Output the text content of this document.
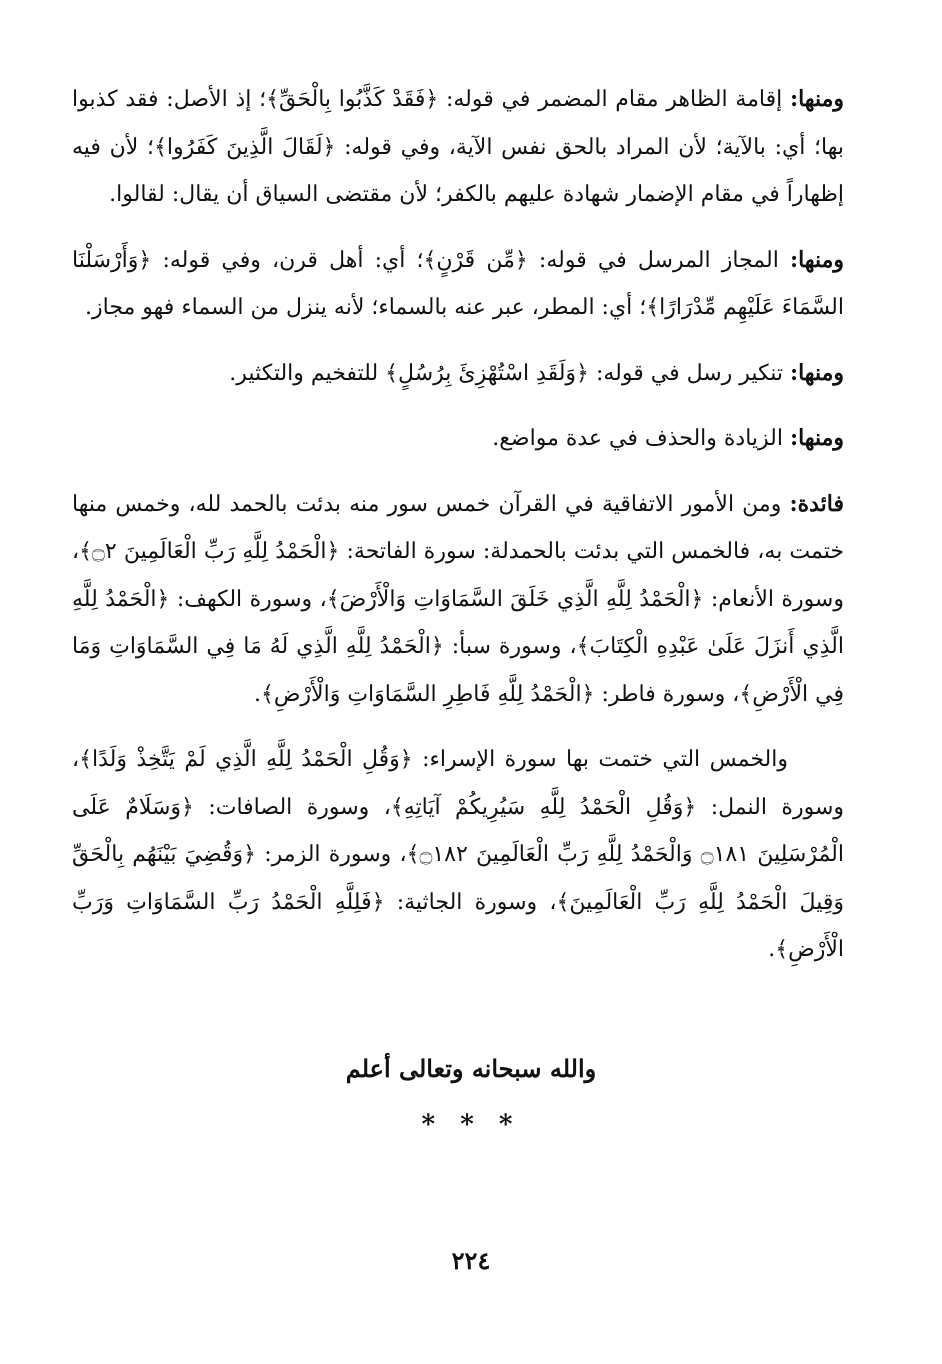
ومنها: إقامة الظاهر مقام المضمر في قوله: ﴿فَقَدْ كَذَّبُوا بِالْحَقِّ﴾؛ إذ الأصل: فقد كذبوا بها؛ أي: بالآية؛ لأن المراد بالحق نفس الآية، وفي قوله: ﴿لَقَالَ الَّذِينَ كَفَرُوا﴾؛ لأن فيه إظهاراً في مقام الإضمار شهادة عليهم بالكفر؛ لأن مقتضى السياق أن يقال: لقالوا.

ومنها: المجاز المرسل في قوله: ﴿مِّن قَرْنٍ﴾؛ أي: أهل قرن، وفي قوله: ﴿وَأَرْسَلْنَا السَّمَاءَ عَلَيْهِم مِّدْرَارًا﴾؛ أي: المطر، عبر عنه بالسماء؛ لأنه ينزل من السماء فهو مجاز.

ومنها: تنكير رسل في قوله: ﴿وَلَقَدِ اسْتُهْزِئَ بِرُسُلٍ﴾ للتفخيم والتكثير.

ومنها: الزيادة والحذف في عدة مواضع.

فائدة: ومن الأمور الاتفاقية في القرآن خمس سور منه بدئت بالحمد لله، وخمس منها ختمت به، فالخمس التي بدئت بالحمدلة: سورة الفاتحة: ﴿الْحَمْدُ لِلَّهِ رَبِّ الْعَالَمِينَ ۝٢﴾، وسورة الأنعام: ﴿الْحَمْدُ لِلَّهِ الَّذِي خَلَقَ السَّمَاوَاتِ وَالْأَرْضَ﴾، وسورة الكهف: ﴿الْحَمْدُ لِلَّهِ الَّذِي أَنزَلَ عَلَىٰ عَبْدِهِ الْكِتَابَ﴾، وسورة سبأ: ﴿الْحَمْدُ لِلَّهِ الَّذِي لَهُ مَا فِي السَّمَاوَاتِ وَمَا فِي الْأَرْضِ﴾، وسورة فاطر: ﴿الْحَمْدُ لِلَّهِ فَاطِرِ السَّمَاوَاتِ وَالْأَرْضِ﴾.

والخمس التي ختمت بها سورة الإسراء: ﴿وَقُلِ الْحَمْدُ لِلَّهِ الَّذِي لَمْ يَتَّخِذْ وَلَدًا﴾، وسورة النمل: ﴿وَقُلِ الْحَمْدُ لِلَّهِ سَيُرِيكُمْ آيَاتِهِ﴾، وسورة الصافات: ﴿وَسَلَامٌ عَلَى الْمُرْسَلِينَ ۝١٨١ وَالْحَمْدُ لِلَّهِ رَبِّ الْعَالَمِينَ ۝١٨٢﴾، وسورة الزمر: ﴿وَقُضِيَ بَيْنَهُم بِالْحَقِّ وَقِيلَ الْحَمْدُ لِلَّهِ رَبِّ الْعَالَمِينَ﴾، وسورة الجاثية: ﴿فَلِلَّهِ الْحَمْدُ رَبِّ السَّمَاوَاتِ وَرَبِّ الْأَرْضِ﴾.

والله سبحانه وتعالى أعلم
* * *
٢٢٤
